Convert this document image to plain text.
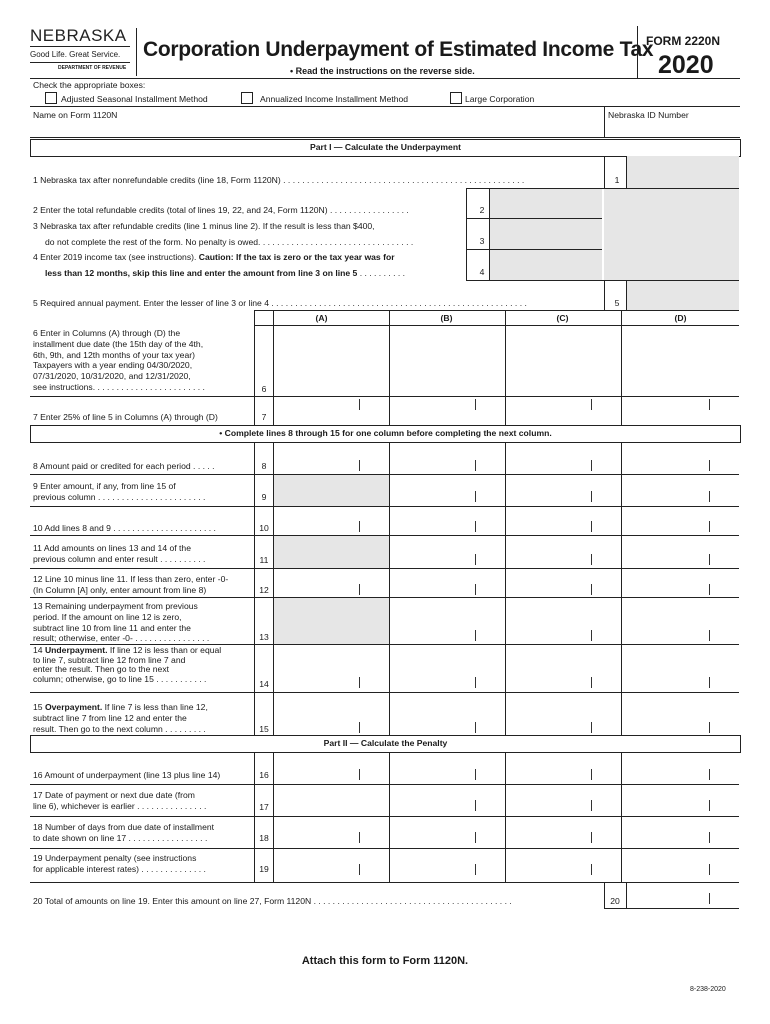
NEBRASKA
Good Life. Great Service.
DEPARTMENT OF REVENUE
Corporation Underpayment of Estimated Income Tax
• Read the instructions on the reverse side.
FORM 2220N
2020
Check the appropriate boxes:
Adjusted Seasonal Installment Method	Annualized Income Installment Method	Large Corporation
Name on Form 1120N	Nebraska ID Number
Part I — Calculate the Underpayment
1 Nebraska tax after nonrefundable credits (line 18, Form 1120N) . . . . . . . . . . . . . . . . . . . . . . . . . . . . . . . . . . . . . . . . . . . . . . . . . . .	1
2 Enter the total refundable credits (total of lines 19, 22, and 24, Form 1120N) . . . . . . . . . . . . . . . . .	2
3 Nebraska tax after refundable credits (line 1 minus line 2). If the result is less than $400,
do not complete the rest of the form. No penalty is owed. . . . . . . . . . . . . . . . . . . . . . . . . . . . . . . . .	3
4 Enter 2019 income tax (see instructions). Caution: If the tax is zero or the tax year was for
less than 12 months, skip this line and enter the amount from line 3 on line 5 . . . . . . . . . .	4
5 Required annual payment. Enter the lesser of line 3 or line 4 . . . . . . . . . . . . . . . . . . . . . . . . . . . . . . . . . . . . . . . . . . . . . . . . . . . . . .	5
(A)	(B)	(C)	(D)
6 Enter in Columns (A) through (D) the
installment due date (the 15th day of the 4th,
6th, 9th, and 12th months of your tax year)
Taxpayers with a year ending 04/30/2020,
07/31/2020, 10/31/2020, and 12/31/2020,
see instructions. . . . . . . . . . . . . . . . . . . . . . . .	6
7 Enter 25% of line 5 in Columns (A) through (D)	7
• Complete lines 8 through 15 for one column before completing the next column.
8 Amount paid or credited for each period . . . . .	8
9 Enter amount, if any, from line 15 of
previous column . . . . . . . . . . . . . . . . . . . . . . .	9
10 Add lines 8 and 9 . . . . . . . . . . . . . . . . . . . . . .	10
11 Add amounts on lines 13 and 14 of the
previous column and enter result . . . . . . . . . .	11
12 Line 10 minus line 11. If less than zero, enter -0-
(In Column [A] only, enter amount from line 8)	12
13 Remaining underpayment from previous
period. If the amount on line 12 is zero,
subtract line 10 from line 11 and enter the
result; otherwise, enter -0- . . . . . . . . . . . . . . . .	13
14 Underpayment. If line 12 is less than or equal
to line 7, subtract line 12 from line 7 and
enter the result. Then go to the next
column; otherwise, go to line 15 . . . . . . . . . . .
14
15 Overpayment. If line 7 is less than line 12,
subtract line 7 from line 12 and enter the
result. Then go to the next column . . . . . . . . .	15
Part II — Calculate the Penalty
16 Amount of underpayment (line 13 plus line 14)	16
17 Date of payment or next due date (from
line 6), whichever is earlier . . . . . . . . . . . . . . .	17
18 Number of days from due date of installment
to date shown on line 17 . . . . . . . . . . . . . . . . .	18
19 Underpayment penalty (see instructions
for applicable interest rates) . . . . . . . . . . . . . .	19
20 Total of amounts on line 19. Enter this amount on line 27, Form 1120N . . . . . . . . . . . . . . . . . . . . . . . . . . . . . . . . . . . . . . . . . .	20
Attach this form to Form 1120N.
8-238-2020
